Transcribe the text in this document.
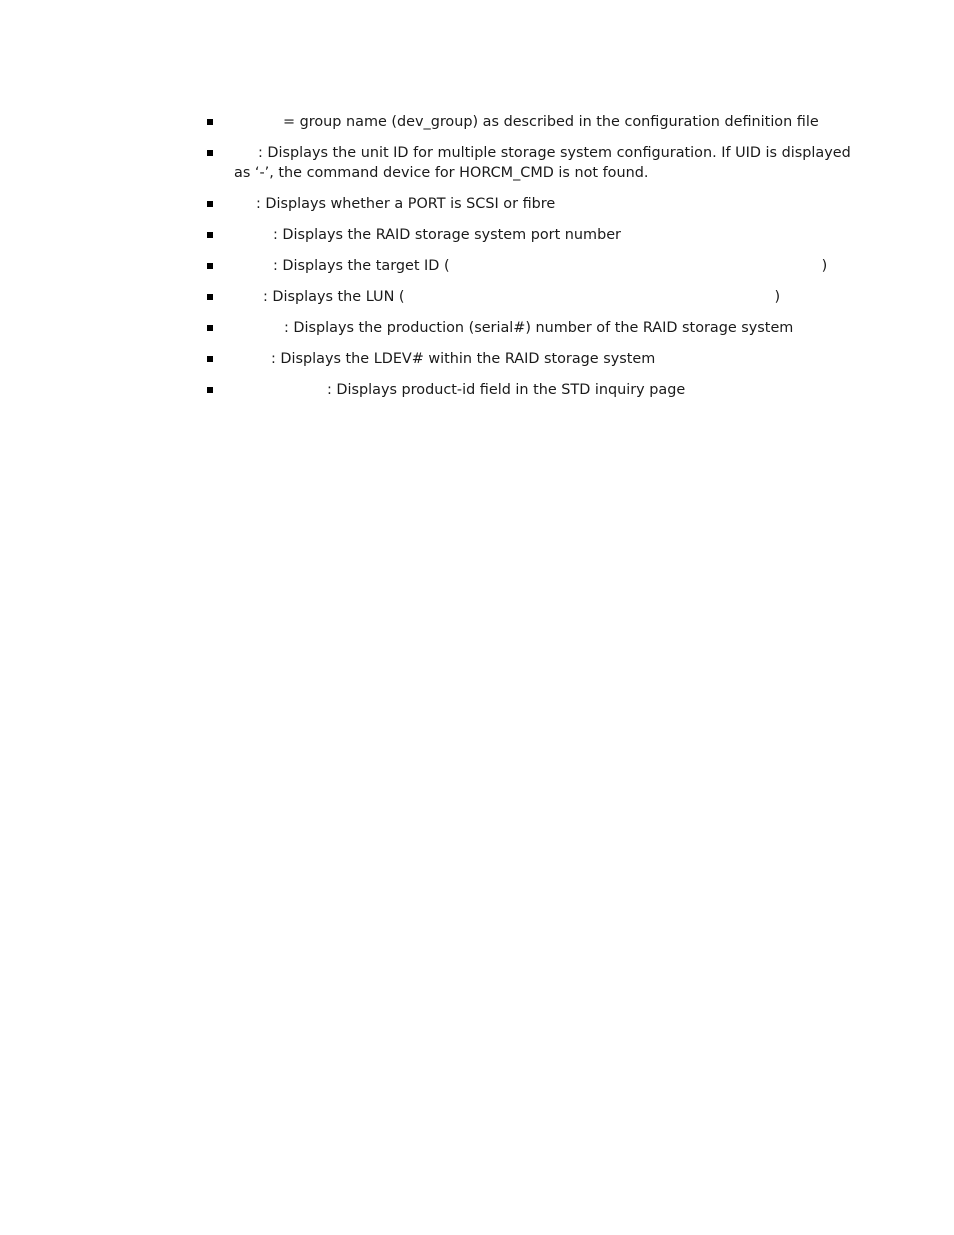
= group name (dev_group) as described in the configuration definition file
: Displays the unit ID for multiple storage system configuration. If UID is displayed as ‘-’, the command device for HORCM_CMD is not found.
: Displays whether a PORT is SCSI or fibre
: Displays the RAID storage system port number
: Displays the target ID (	)
: Displays the LUN (	)
: Displays the production (serial#) number of the RAID storage system
: Displays the LDEV# within the RAID storage system
: Displays product-id field in the STD inquiry page
